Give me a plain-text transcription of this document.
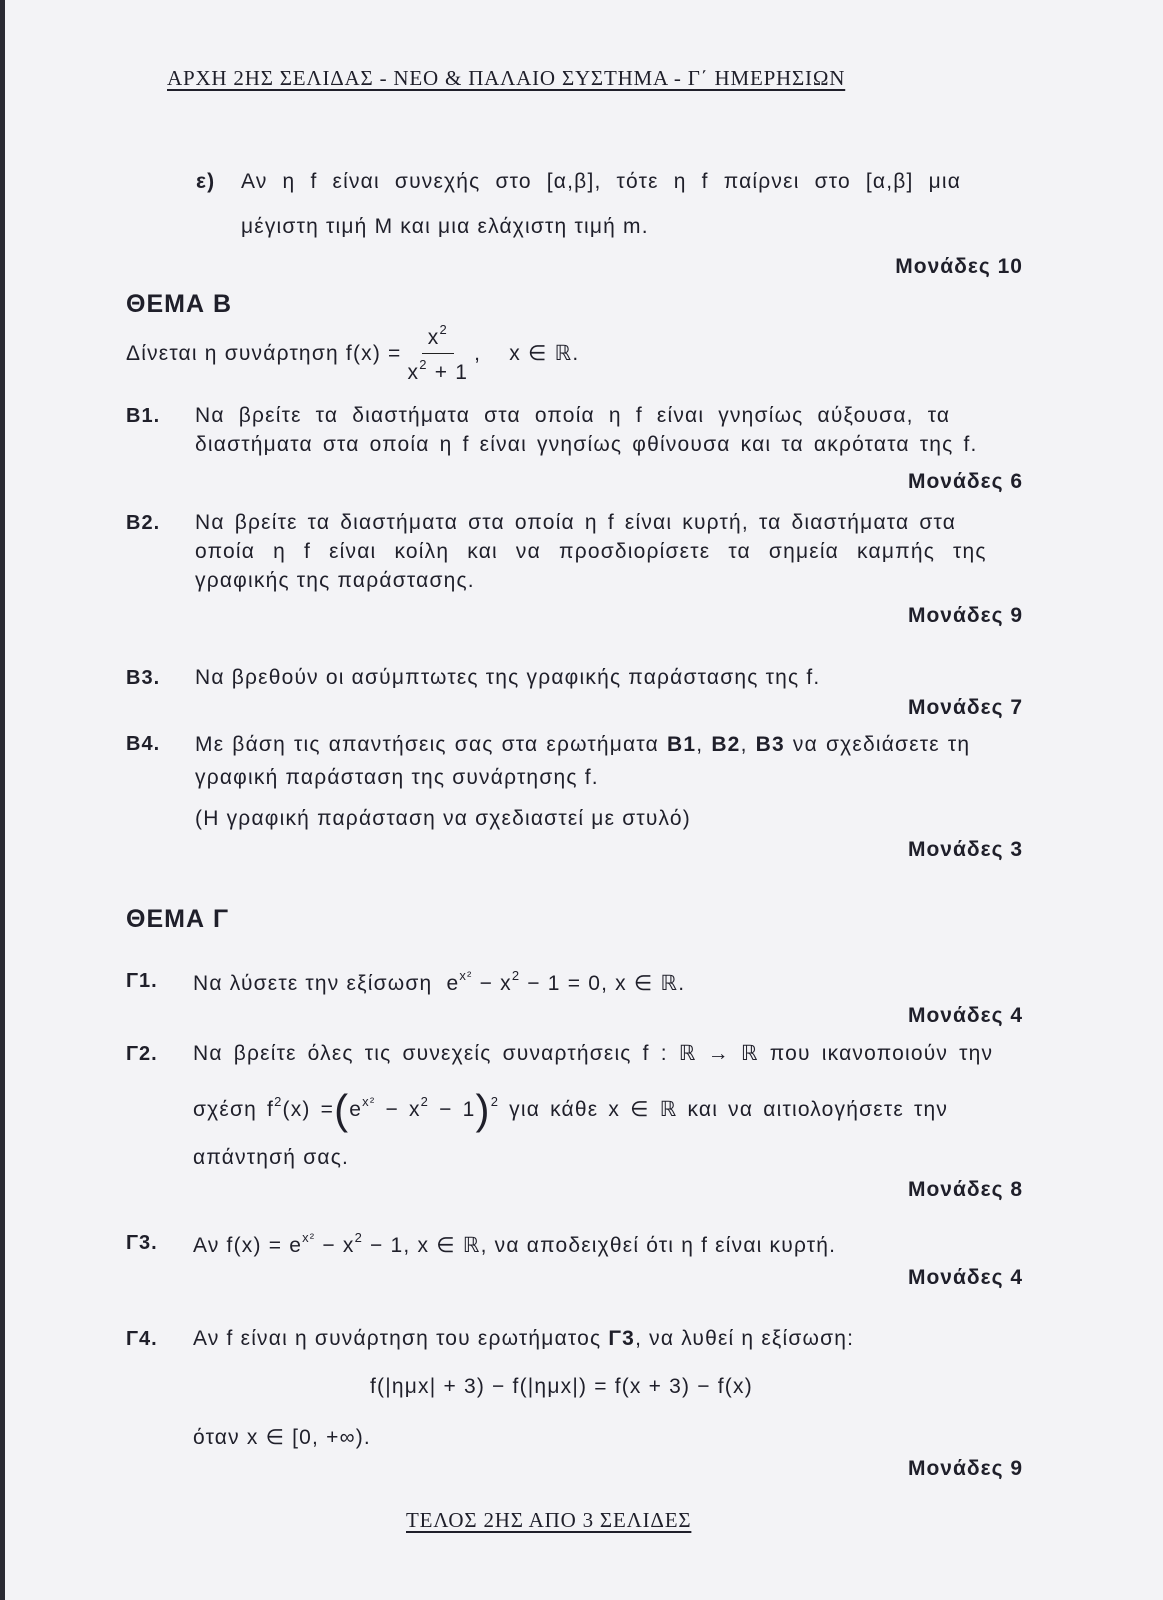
ΑΡΧΗ 2ΗΣ ΣΕΛΙΔΑΣ - ΝΕΟ & ΠΑΛΑΙΟ ΣΥΣΤΗΜΑ - Γ΄ ΗΜΕΡΗΣΙΩΝ
ε) Αν η f είναι συνεχής στο [α,β], τότε η f παίρνει στο [α,β] μια
μέγιστη τιμή Μ και μια ελάχιστη τιμή m.
Μονάδες 10
ΘΕΜΑ Β
Δίνεται η συνάρτηση
$f(x) = \frac{x^2}{x^2 + 1}$ ,    x ∈ ℝ.
Β1. Να βρείτε τα διαστήματα στα οποία η f είναι γνησίως αύξουσα, τα
διαστήματα στα οποία η f είναι γνησίως φθίνουσα και τα ακρότατα της f.
Μονάδες 6
Β2. Να βρείτε τα διαστήματα στα οποία η f είναι κυρτή, τα διαστήματα στα
οποία η f είναι κοίλη και να προσδιορίσετε τα σημεία καμπής της
γραφικής της παράστασης.
Μονάδες 9
Β3. Να βρεθούν οι ασύμπτωτες της γραφικής παράστασης της f.
Μονάδες 7
Β4. Με βάση τις απαντήσεις σας στα ερωτήματα Β1, Β2, Β3 να σχεδιάσετε τη
γραφική παράσταση της συνάρτησης f.
(Η γραφική παράσταση να σχεδιαστεί με στυλό)
Μονάδες 3
ΘΕΜΑ Γ
Γ1. Να λύσετε την εξίσωση $e^{x^2} - x^2 - 1 = 0$, x ∈ ℝ.
Μονάδες 4
Γ2. Να βρείτε όλες τις συνεχείς συναρτήσεις f : ℝ → ℝ που ικανοποιούν την
σχέση $f^2(x) =(e^{x^2} - x^2 - 1)^2$ για κάθε x ∈ ℝ και να αιτιολογήσετε την
απάντησή σας.
Μονάδες 8
Γ3. Αν $f(x) = e^{x^2} - x^2 - 1$, x ∈ ℝ, να αποδειχθεί ότι η f είναι κυρτή.
Μονάδες 4
Γ4. Αν f είναι η συνάρτηση του ερωτήματος Γ3, να λυθεί η εξίσωση:
f(|ημx| + 3) − f(|ημx|) = f(x + 3) − f(x)
όταν x ∈ [0, +∞).
Μονάδες 9
ΤΕΛΟΣ 2ΗΣ ΑΠΟ 3 ΣΕΛΙΔΕΣ
